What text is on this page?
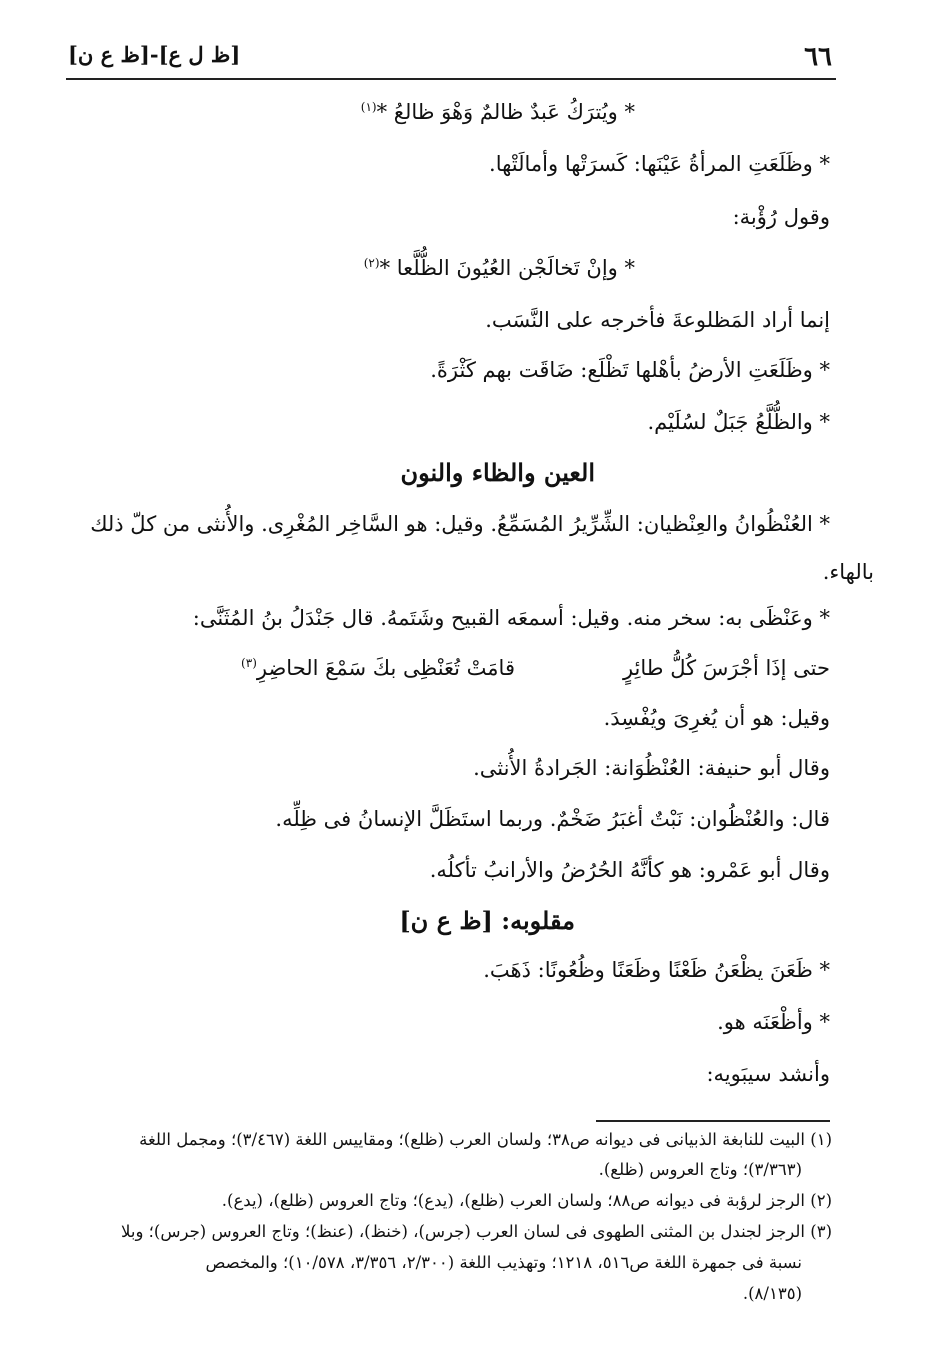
٦٦
[ظ ل ع]-[ظ ع ن]
* ويُترَكُ عَبدٌ ظالمٌ وَهْوَ ظالعُ *$^{(١)}$
* وظَلَعَتِ المرأةُ عَيْنَها: كَسرَتْها وأمالَتْها.
وقول رُؤْبة:
* وإنْ تَخالَجْن العُيُونَ الظُّلَّعا *$^{(٢)}$
إنما أراد المَظلوعةَ فأخرجه على النَّسَب.
* وظَلَعَتِ الأرضُ بأهْلها تَظْلَع: ضَاقَت بهم كَثْرَةً.
* والظُّلَّعُ جَبَلٌ لسُلَيْم.
العين والظاء والنون
* العُنْظُوانُ والعِنْظيان: الشِّرِّيرُ المُسَمِّعُ. وقيل: هو السَّاخِر المُغْرِى. والأُنثى من كلّ ذلك
بالهاء.
* وعَنْظَى به: سخر منه. وقيل: أسمعَه القبيح وشَتَمهُ. قال جَنْدَلُ بنُ المُثَنَّى:
حتى إذَا أجْرَسَ كُلُّ طائِرٍ
قامَتْ تُعَنْظِى بكَ سَمْعَ الحاضِرِ$^{(٣)}$
وقيل: هو أن يُغرِىَ ويُفْسِدَ.
وقال أبو حنيفة: العُنْظُوَانة: الجَرادةُ الأُنثى.
قال: والعُنْظُوان: نَبْتٌ أغبَرُ ضَخْمٌ. وربما استَظَلَّ الإنسانُ فى ظِلِّه.
وقال أبو عَمْرو: هو كأنَّهُ الحُرُضُ والأرانبُ تأكلُه.
مقلوبه: [ظ ع ن]
* ظَعَنَ يظْعَنُ ظَعْنًا وظَعَنًا وظُعُونًا: ذَهَبَ.
* وأظْعَنَه هو.
وأنشد سيبَويه:
(١) البيت للنابغة الذبيانى فى ديوانه ص٣٨؛ ولسان العرب (ظلع)؛ ومقاييس اللغة (٣/٤٦٧)؛ ومجمل اللغة
(٣/٣٦٣)؛ وتاج العروس (ظلع).
(٢) الرجز لرؤبة فى ديوانه ص٨٨؛ ولسان العرب (ظلع)، (يدع)؛ وتاج العروس (ظلع)، (يدع).
(٣) الرجز لجندل بن المثنى الطهوى فى لسان العرب (جرس)، (خنظ)، (عنظ)؛ وتاج العروس (جرس)؛ وبلا
نسبة فى جمهرة اللغة ص٥١٦، ١٢١٨؛ وتهذيب اللغة (٢/٣٠٠، ٣/٣٥٦، ١٠/٥٧٨)؛ والمخصص
(٨/١٣٥).
